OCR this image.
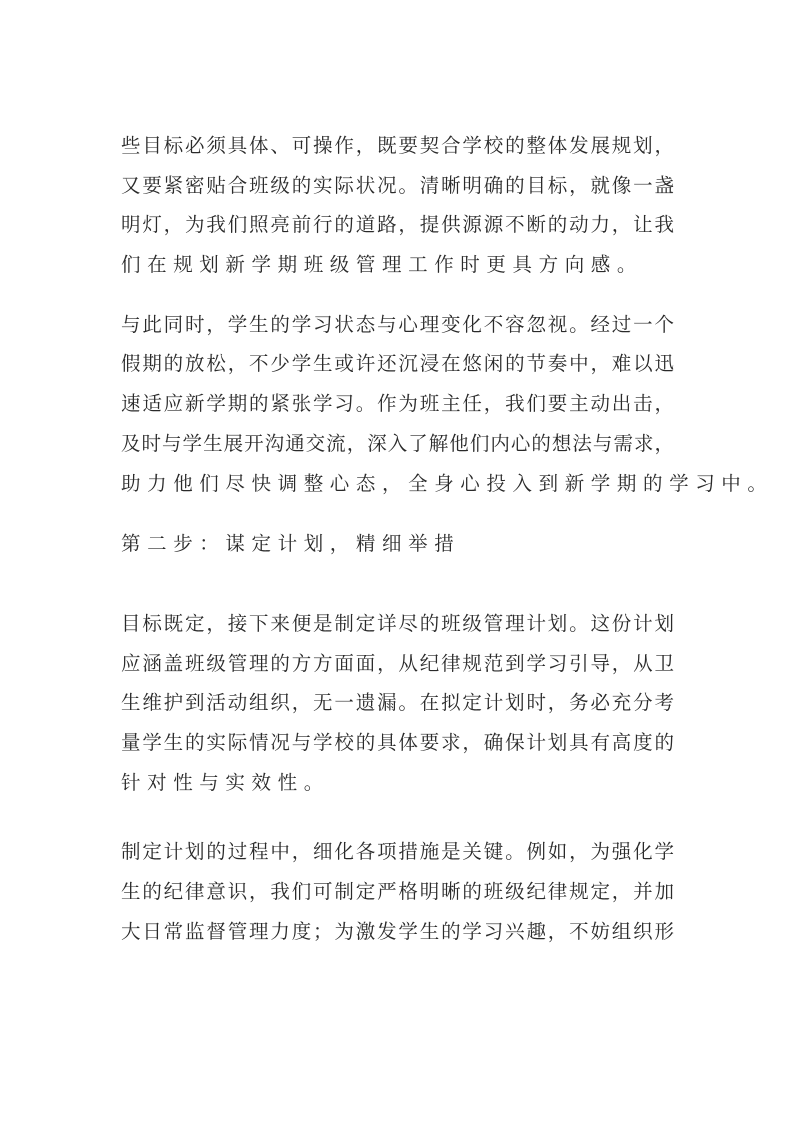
些目标必须具体、可操作，既要契合学校的整体发展规划，
又要紧密贴合班级的实际状况。清晰明确的目标，就像一盏
明灯，为我们照亮前行的道路，提供源源不断的动力，让我
们在规划新学期班级管理工作时更具方向感。
与此同时，学生的学习状态与心理变化不容忽视。经过一个
假期的放松，不少学生或许还沉浸在悠闲的节奏中，难以迅
速适应新学期的紧张学习。作为班主任，我们要主动出击，
及时与学生展开沟通交流，深入了解他们内心的想法与需求，
助力他们尽快调整心态，全身心投入到新学期的学习中。
第二步：谋定计划，精细举措
目标既定，接下来便是制定详尽的班级管理计划。这份计划
应涵盖班级管理的方方面面，从纪律规范到学习引导，从卫
生维护到活动组织，无一遗漏。在拟定计划时，务必充分考
量学生的实际情况与学校的具体要求，确保计划具有高度的
针对性与实效性。
制定计划的过程中，细化各项措施是关键。例如，为强化学
生的纪律意识，我们可制定严格明晰的班级纪律规定，并加
大日常监督管理力度；为激发学生的学习兴趣，不妨组织形
